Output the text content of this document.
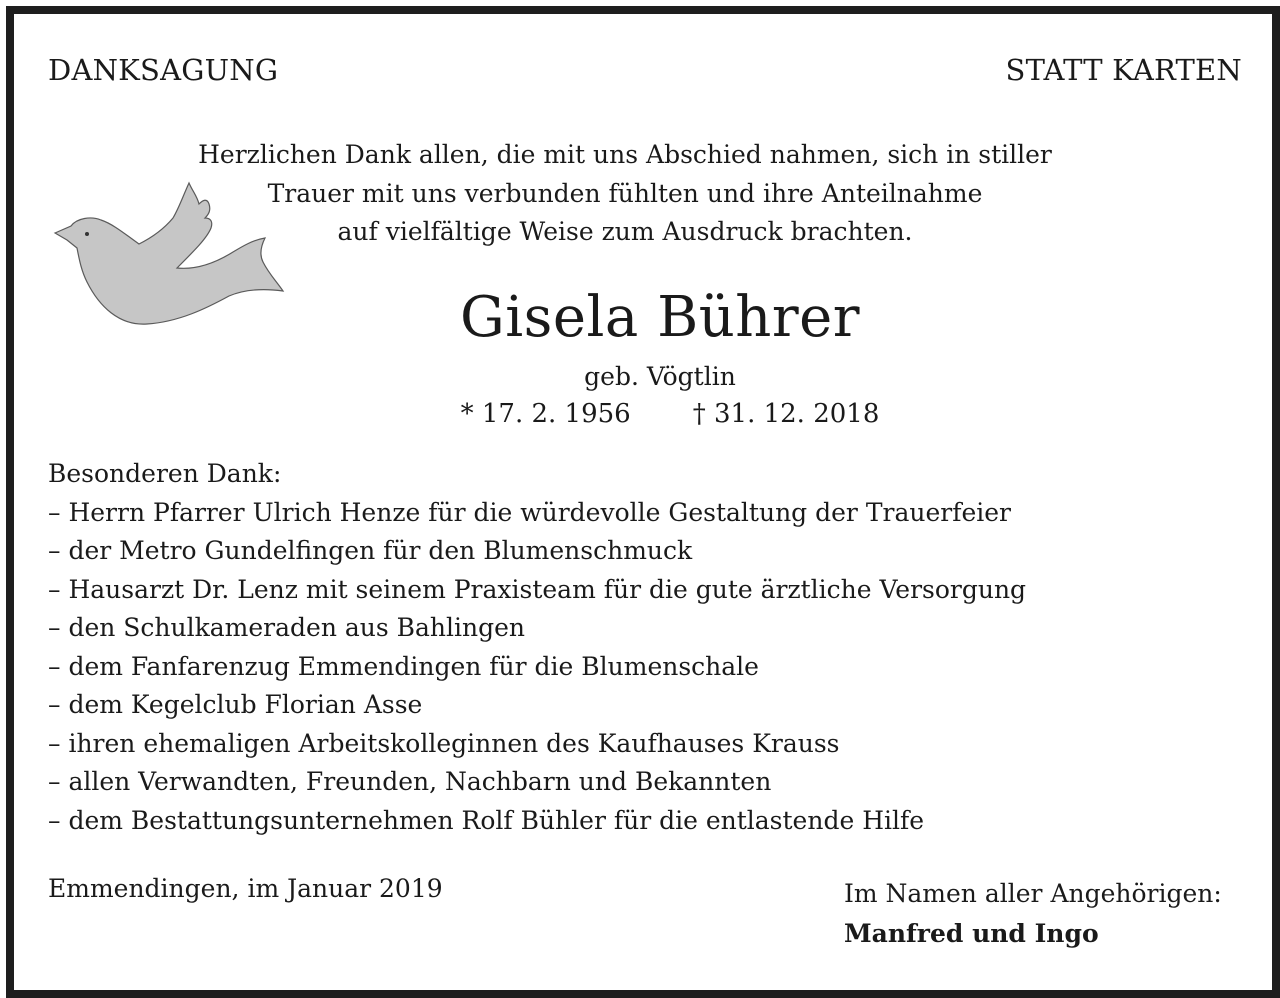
DANKSAGUNG	STATT KARTEN
Herzlichen Dank allen, die mit uns Abschied nahmen, sich in stiller
Trauer mit uns verbunden fühlten und ihre Anteilnahme
auf vielfältige Weise zum Ausdruck brachten.
Gisela Bührer
geb. Vögtlin
* 17. 2. 1956 † 31. 12. 2018
Besonderen Dank:
– Herrn Pfarrer Ulrich Henze für die würdevolle Gestaltung der Trauerfeier
– der Metro Gundelfingen für den Blumenschmuck
– Hausarzt Dr. Lenz mit seinem Praxisteam für die gute ärztliche Versorgung
– den Schulkameraden aus Bahlingen
– dem Fanfarenzug Emmendingen für die Blumenschale
– dem Kegelclub Florian Asse
– ihren ehemaligen Arbeitskolleginnen des Kaufhauses Krauss
– allen Verwandten, Freunden, Nachbarn und Bekannten
– dem Bestattungsunternehmen Rolf Bühler für die entlastende Hilfe
Emmendingen, im Januar 2019	Im Namen aller Angehörigen:
Manfred und Ingo
